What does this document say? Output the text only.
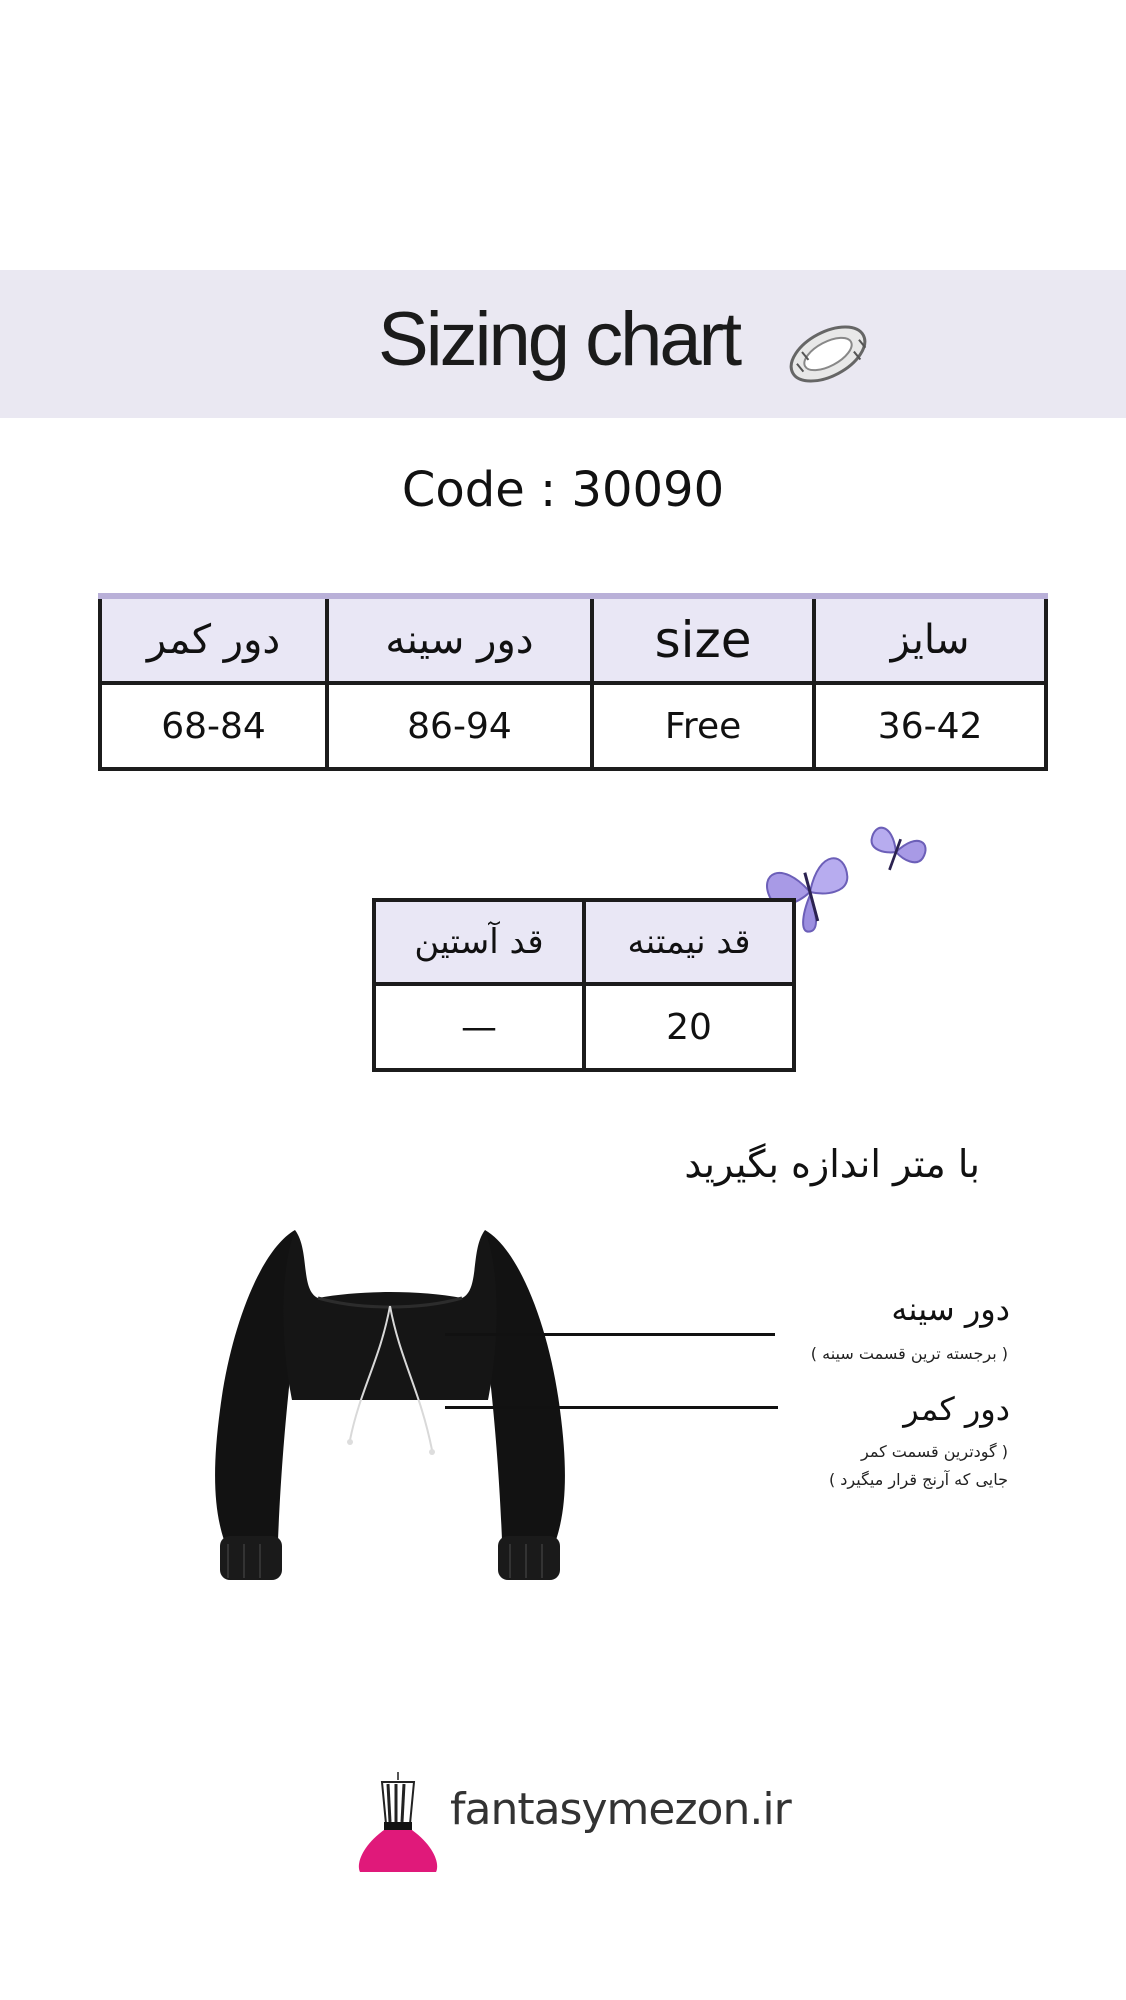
Sizing chart
Code : 30090
دور کمر	دور سینه	size	سایز
68-84	86-94	Free	36-42
قد آستین	قد نیمتنه
—	20
با متر اندازه بگیرید
دور سینه
( برجسته ترین قسمت سینه )
دور کمر
( گودترین قسمت کمر
جایی که آرنج قرار میگیرد )
fantasymezon.ir
